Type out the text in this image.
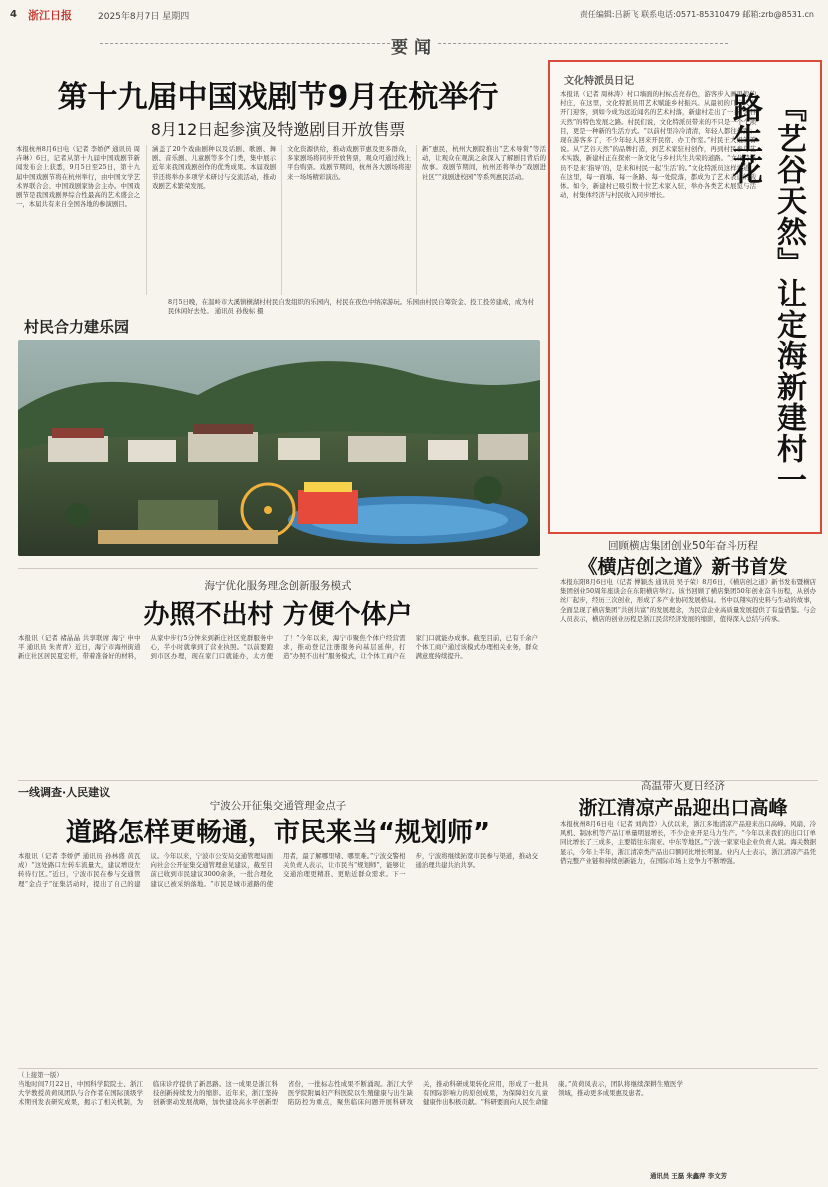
4 浙江日报	2025年8月7日 星期四	责任编辑:吕新飞 联系电话:0571-85310479 邮箱:zrb@8531.cn
要闻
第十九届中国戏剧节9月在杭举行
8月12日起参演及特邀剧目开放售票
本报杭州8月6日电（记者 李娇俨 通讯员 周卉琳）6日，记者从第十九届中国戏剧节新闻发布会上获悉，9月5日至25日，第十九届中国戏剧节将在杭州举行，由中国文学艺术界联合会、中国戏剧家协会主办。中国戏剧节是我国戏剧界综合性最高的艺术盛会之一，本届共有来自全国各地的参演剧目。
涵盖了20个戏曲剧种以及话剧、歌剧、舞剧、音乐剧、儿童剧等多个门类，集中展示近年来我国戏剧创作的优秀成果。本届戏剧节还将举办多项学术研讨与交流活动，推动戏剧艺术繁荣发展。
文化资源供给，推动戏剧节惠及更多群众，多家剧场将同步开放售票，观众可通过线上平台购票。戏剧节期间，杭州各大剧场将迎来一场场精彩演出。
新”惠民，杭州大剧院推出“艺术导赏”等活动，让观众在观演之余深入了解剧目背后的故事。戏剧节期间，杭州还将举办“戏剧进社区”“戏剧进校园”等系列惠民活动。
村民合力建乐园
8月5日晚，在温岭市大溪镇横湖村村民自发组织的乐园内，村民在夜色中纳凉游玩。乐园由村民自筹资金、投工投劳建成，成为村民休闲好去处。 通讯员 孙俊标 摄
文化特派员日记
本报讯（记者 周林涛）村口墙面的村标点亮春色，游客步入画里般的村庄，在这里，文化特派员用艺术赋能乡村振兴。从最初的几户人家开门迎客，到如今成为远近闻名的艺术村落，新建村走出了一条“艺谷天然”的特色发展之路。村民们说，文化特派员带来的不只是一个个项目，更是一种新的生活方式。“以前村里冷冷清清，年轻人都往外跑；现在游客多了，不少年轻人回来开民宿、办工作室。”村民王大姐笑着说。从“艺谷天然”的品牌打造，到艺术家驻村创作，再到村民参与艺术实践，新建村正在探索一条文化与乡村共生共荣的道路。“文化特派员不是来‘指导’的，是来和村民一起‘生活’的。”文化特派员这样说道。在这里，每一面墙、每一条路、每一处院落，都成为了艺术表达的载体。如今，新建村已吸引数十位艺术家入驻，举办各类艺术展览与活动，村集体经济与村民收入同步增长。	『艺谷天然』让定海新建村一路生花
回顾横店集团创业50年奋斗历程
《横店创之道》新书首发
本报东阳8月6日电（记者 傅颖杰 通讯员 吴子荣）8月6日，《横店创之道》新书发布暨横店集团创业50周年座谈会在东阳横店举行。该书回顾了横店集团50年创业奋斗历程，从创办丝厂起步，经历三次创业，形成了多产业协同发展格局。书中以翔实的史料与生动的故事，全面呈现了横店集团“共创共富”的发展理念，为民营企业高质量发展提供了有益借鉴。与会人员表示，横店的创业历程是浙江民营经济发展的缩影，值得深入总结与传承。
海宁优化服务理念创新服务模式
办照不出村 方便个体户
本报讯（记者 褚晶晶 共享联席 海宁 申中平 通讯员 朱青青）近日，海宁市海州街道新庄社区居民夏宏杆，带着准备好的材料，从家中步行5分钟来到新庄社区党群服务中心，半小时就拿到了营业执照。“以前要跑到市区办理，现在家门口就能办，太方便了！”今年以来，海宁市聚焦个体户经营需求，推动登记注册服务向基层延伸，打造“办照不出村”服务模式，让个体工商户在家门口就能办成事。截至目前，已有千余户个体工商户通过该模式办理相关业务，群众满意度持续提升。
一线调查·人民建议
宁波公开征集交通管理金点子
道路怎样更畅通，市民来当“规划师”
本报讯（记者 李娇俨 通讯员 孙林盛 黄瓦成）“这处路口左转车流量大，建议增设左转待行区。”近日，宁波市民在参与交通管理“金点子”征集活动时，提出了自己的建议。今年以来，宁波市公安局交通管理局面向社会公开征集交通管理意见建议，截至目前已收到市民建议3000余条，一批合理化建议已被采纳落地。“市民是城市道路的使用者，最了解哪里堵、哪里难。”宁波交警相关负责人表示，让市民当“规划师”，能够让交通治理更精准、更贴近群众需求。下一步，宁波将继续拓宽市民参与渠道，推动交通治理共建共治共享。
高温带火夏日经济
浙江清凉产品迎出口高峰
本报杭州8月6日电（记者 刘尚旨）入伏以来，浙江多地清凉产品迎来出口高峰。风扇、冷风机、制冰机等产品订单量明显增长，不少企业开足马力生产。“今年以来我们的出口订单同比增长了三成多，主要销往东南亚、中东等地区。”宁波一家家电企业负责人说。海关数据显示，今年上半年，浙江清凉类产品出口额同比增长明显。业内人士表示，浙江清凉产品凭借完整产业链和持续创新能力，在国际市场上竞争力不断增强。
（上接第一版）
当地时间7月22日，中国科学院院士、浙江大学教授黄荷凤团队与合作者在国际顶级学术期刊发表研究成果，揭示了相关机制，为临床诊疗提供了新思路。这一成果是浙江科技创新持续发力的缩影。近年来，浙江坚持创新驱动发展战略，加快建设高水平创新型省份，一批标志性成果不断涌现。浙江大学医学院附属妇产科医院以生殖健康与出生缺陷防控为重点，聚焦临床问题开展科研攻关，推动科研成果转化应用，形成了一批具有国际影响力的原创成果，为保障妇女儿童健康作出积极贡献。“科研要面向人民生命健康。”黄荷凤表示，团队将继续深耕生殖医学领域，推动更多成果惠及患者。
通讯员 王磊 朱鑫萍 李文芳
